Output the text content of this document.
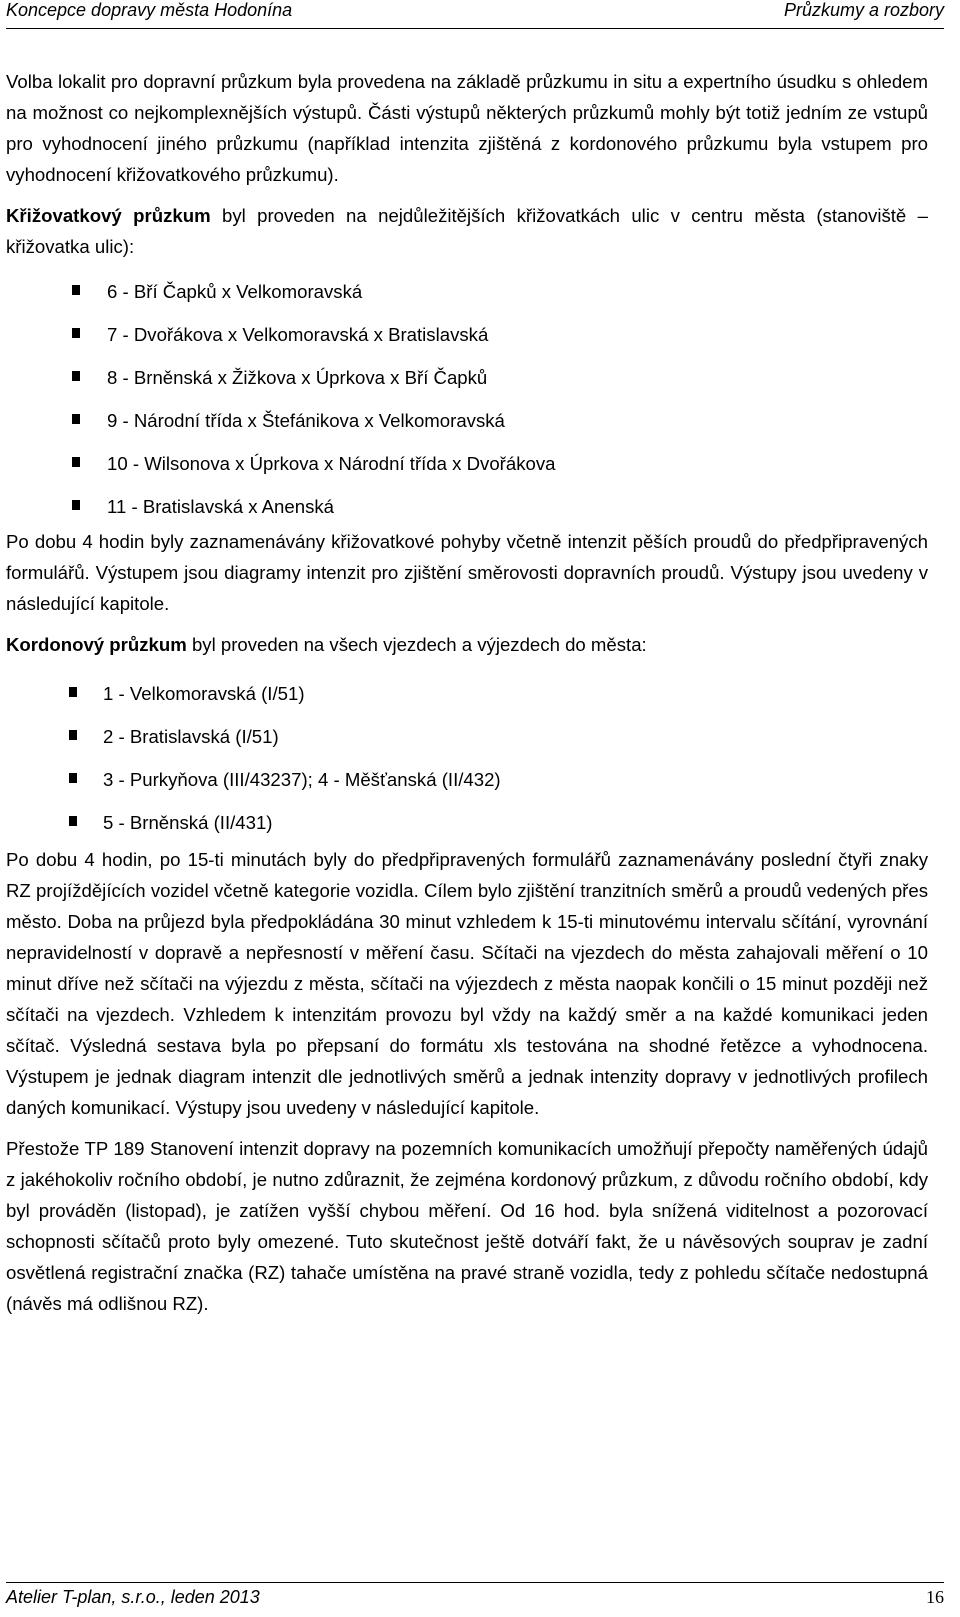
Koncepce dopravy města Hodonína	Průzkumy a rozbory

Volba lokalit pro dopravní průzkum byla provedena na základě průzkumu in situ a expertního úsudku s ohledem na možnost co nejkomplexnějších výstupů. Části výstupů některých průzkumů mohly být totiž jedním ze vstupů pro vyhodnocení jiného průzkumu (například intenzita zjištěná z kordonového průzkumu byla vstupem pro vyhodnocení křižovatkového průzkumu).

Křižovatkový průzkum byl proveden na nejdůležitějších křižovatkách ulic v centru města (stanoviště – křižovatka ulic):

6 - Bří Čapků x Velkomoravská
7 - Dvořákova x Velkomoravská x Bratislavská
8 - Brněnská x Žižkova x Úprkova x Bří Čapků
9 - Národní třída x Štefánikova x Velkomoravská
10 - Wilsonova x Úprkova x Národní třída x Dvořákova
11 - Bratislavská x Anenská

Po dobu 4 hodin byly zaznamenávány křižovatkové pohyby včetně intenzit pěších proudů do předpřipravených formulářů. Výstupem jsou diagramy intenzit pro zjištění směrovosti dopravních proudů. Výstupy jsou uvedeny v následující kapitole.

Kordonový průzkum byl proveden na všech vjezdech a výjezdech do města:

1 - Velkomoravská (I/51)
2 - Bratislavská (I/51)
3 - Purkyňova (III/43237); 4 - Měšťanská (II/432)
5 - Brněnská (II/431)

Po dobu 4 hodin, po 15-ti minutách byly do předpřipravených formulářů zaznamenávány poslední čtyři znaky RZ projíždějících vozidel včetně kategorie vozidla. Cílem bylo zjištění tranzitních směrů a proudů vedených přes město. Doba na průjezd byla předpokládána 30 minut vzhledem k 15-ti minutovému intervalu sčítání, vyrovnání nepravidelností v dopravě a nepřesností v měření času. Sčítači na vjezdech do města zahajovali měření o 10 minut dříve než sčítači na výjezdu z města, sčítači na výjezdech z města naopak končili o 15 minut později než sčítači na vjezdech. Vzhledem k intenzitám provozu byl vždy na každý směr a na každé komunikaci jeden sčítač. Výsledná sestava byla po přepsaní do formátu xls testována na shodné řetězce a vyhodnocena. Výstupem je jednak diagram intenzit dle jednotlivých směrů a jednak intenzity dopravy v jednotlivých profilech daných komunikací. Výstupy jsou uvedeny v následující kapitole.

Přestože TP 189 Stanovení intenzit dopravy na pozemních komunikacích umožňují přepočty naměřených údajů z jakéhokoliv ročního období, je nutno zdůraznit, že zejména kordonový průzkum, z důvodu ročního období, kdy byl prováděn (listopad), je zatížen vyšší chybou měření. Od 16 hod. byla snížená viditelnost a pozorovací schopnosti sčítačů proto byly omezené. Tuto skutečnost ještě dotváří fakt, že u návěsových souprav je zadní osvětlená registrační značka (RZ) tahače umístěna na pravé straně vozidla, tedy z pohledu sčítače nedostupná (návěs má odlišnou RZ).

Atelier T-plan, s.r.o., leden 2013	16
